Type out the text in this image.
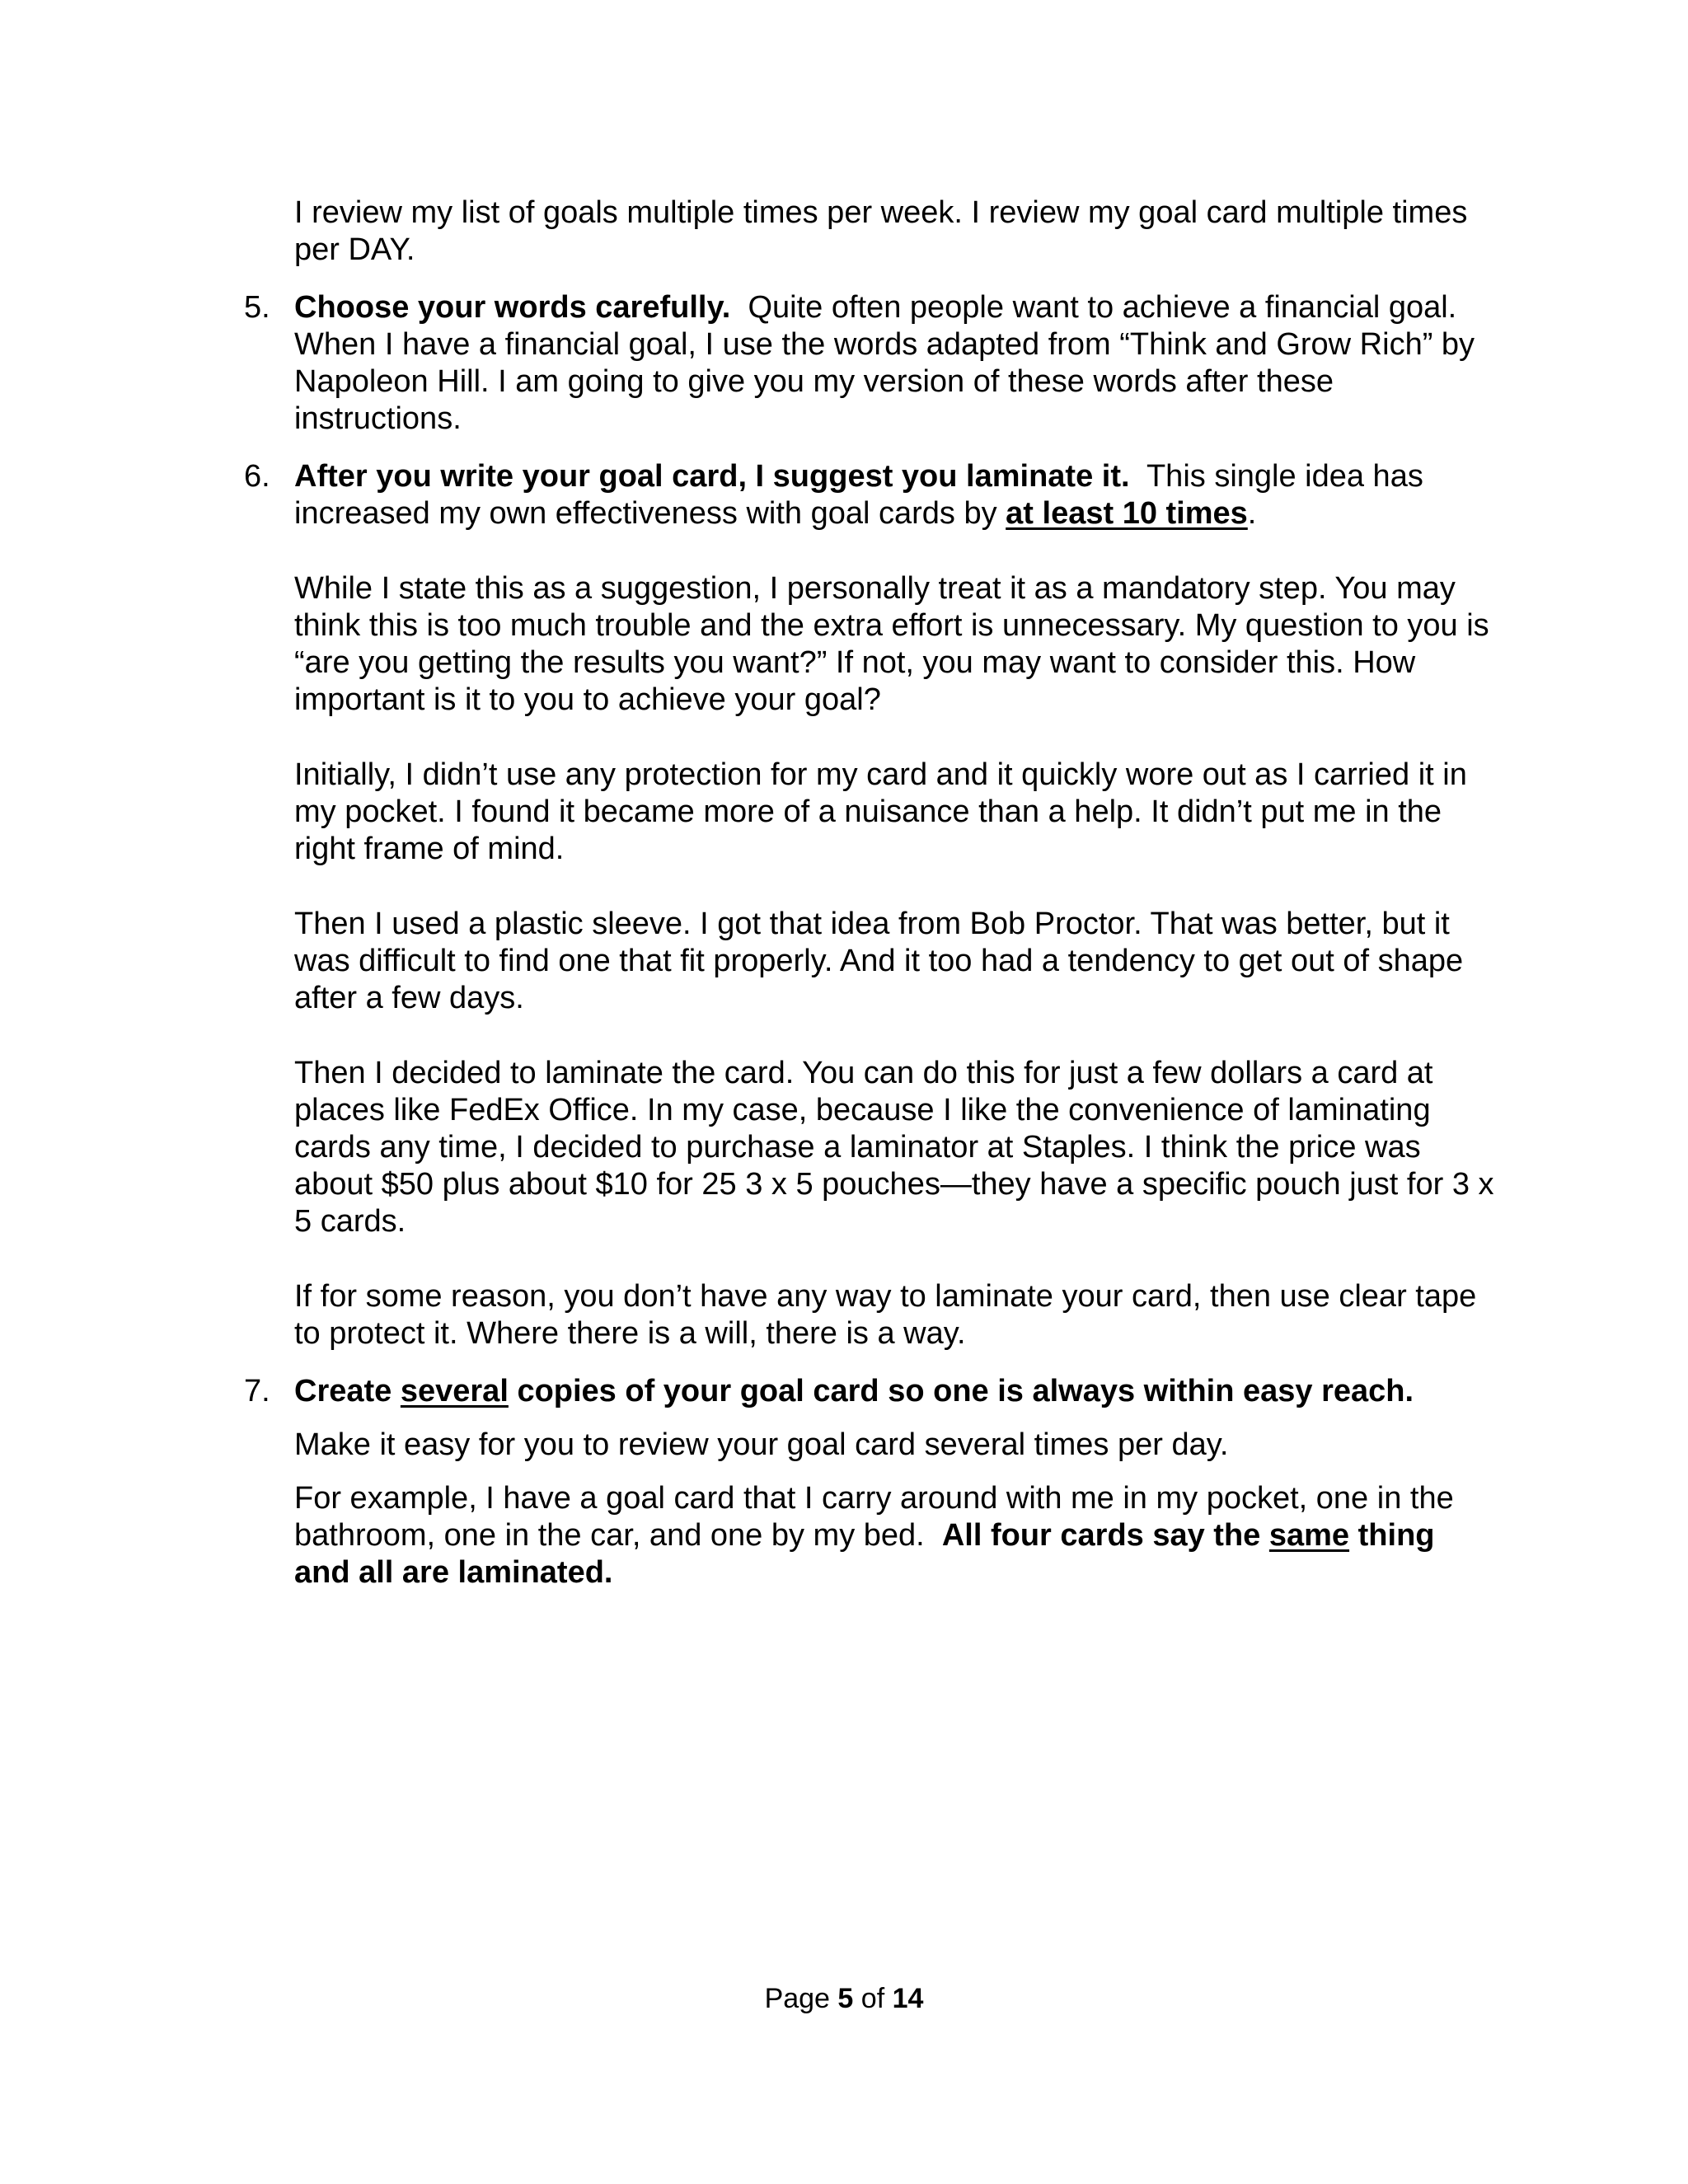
I review my list of goals multiple times per week. I review my goal card multiple times per DAY.

5. Choose your words carefully. Quite often people want to achieve a financial goal. When I have a financial goal, I use the words adapted from “Think and Grow Rich” by Napoleon Hill. I am going to give you my version of these words after these instructions.

6. After you write your goal card, I suggest you laminate it. This single idea has increased my own effectiveness with goal cards by at least 10 times.

While I state this as a suggestion, I personally treat it as a mandatory step. You may think this is too much trouble and the extra effort is unnecessary. My question to you is “are you getting the results you want?” If not, you may want to consider this. How important is it to you to achieve your goal?

Initially, I didn’t use any protection for my card and it quickly wore out as I carried it in my pocket. I found it became more of a nuisance than a help. It didn’t put me in the right frame of mind.

Then I used a plastic sleeve. I got that idea from Bob Proctor. That was better, but it was difficult to find one that fit properly. And it too had a tendency to get out of shape after a few days.

Then I decided to laminate the card. You can do this for just a few dollars a card at places like FedEx Office. In my case, because I like the convenience of laminating cards any time, I decided to purchase a laminator at Staples. I think the price was about $50 plus about $10 for 25 3 x 5 pouches—they have a specific pouch just for 3 x 5 cards.

If for some reason, you don’t have any way to laminate your card, then use clear tape to protect it. Where there is a will, there is a way.

7. Create several copies of your goal card so one is always within easy reach.

Make it easy for you to review your goal card several times per day.

For example, I have a goal card that I carry around with me in my pocket, one in the bathroom, one in the car, and one by my bed. All four cards say the same thing and all are laminated.

Page 5 of 14
